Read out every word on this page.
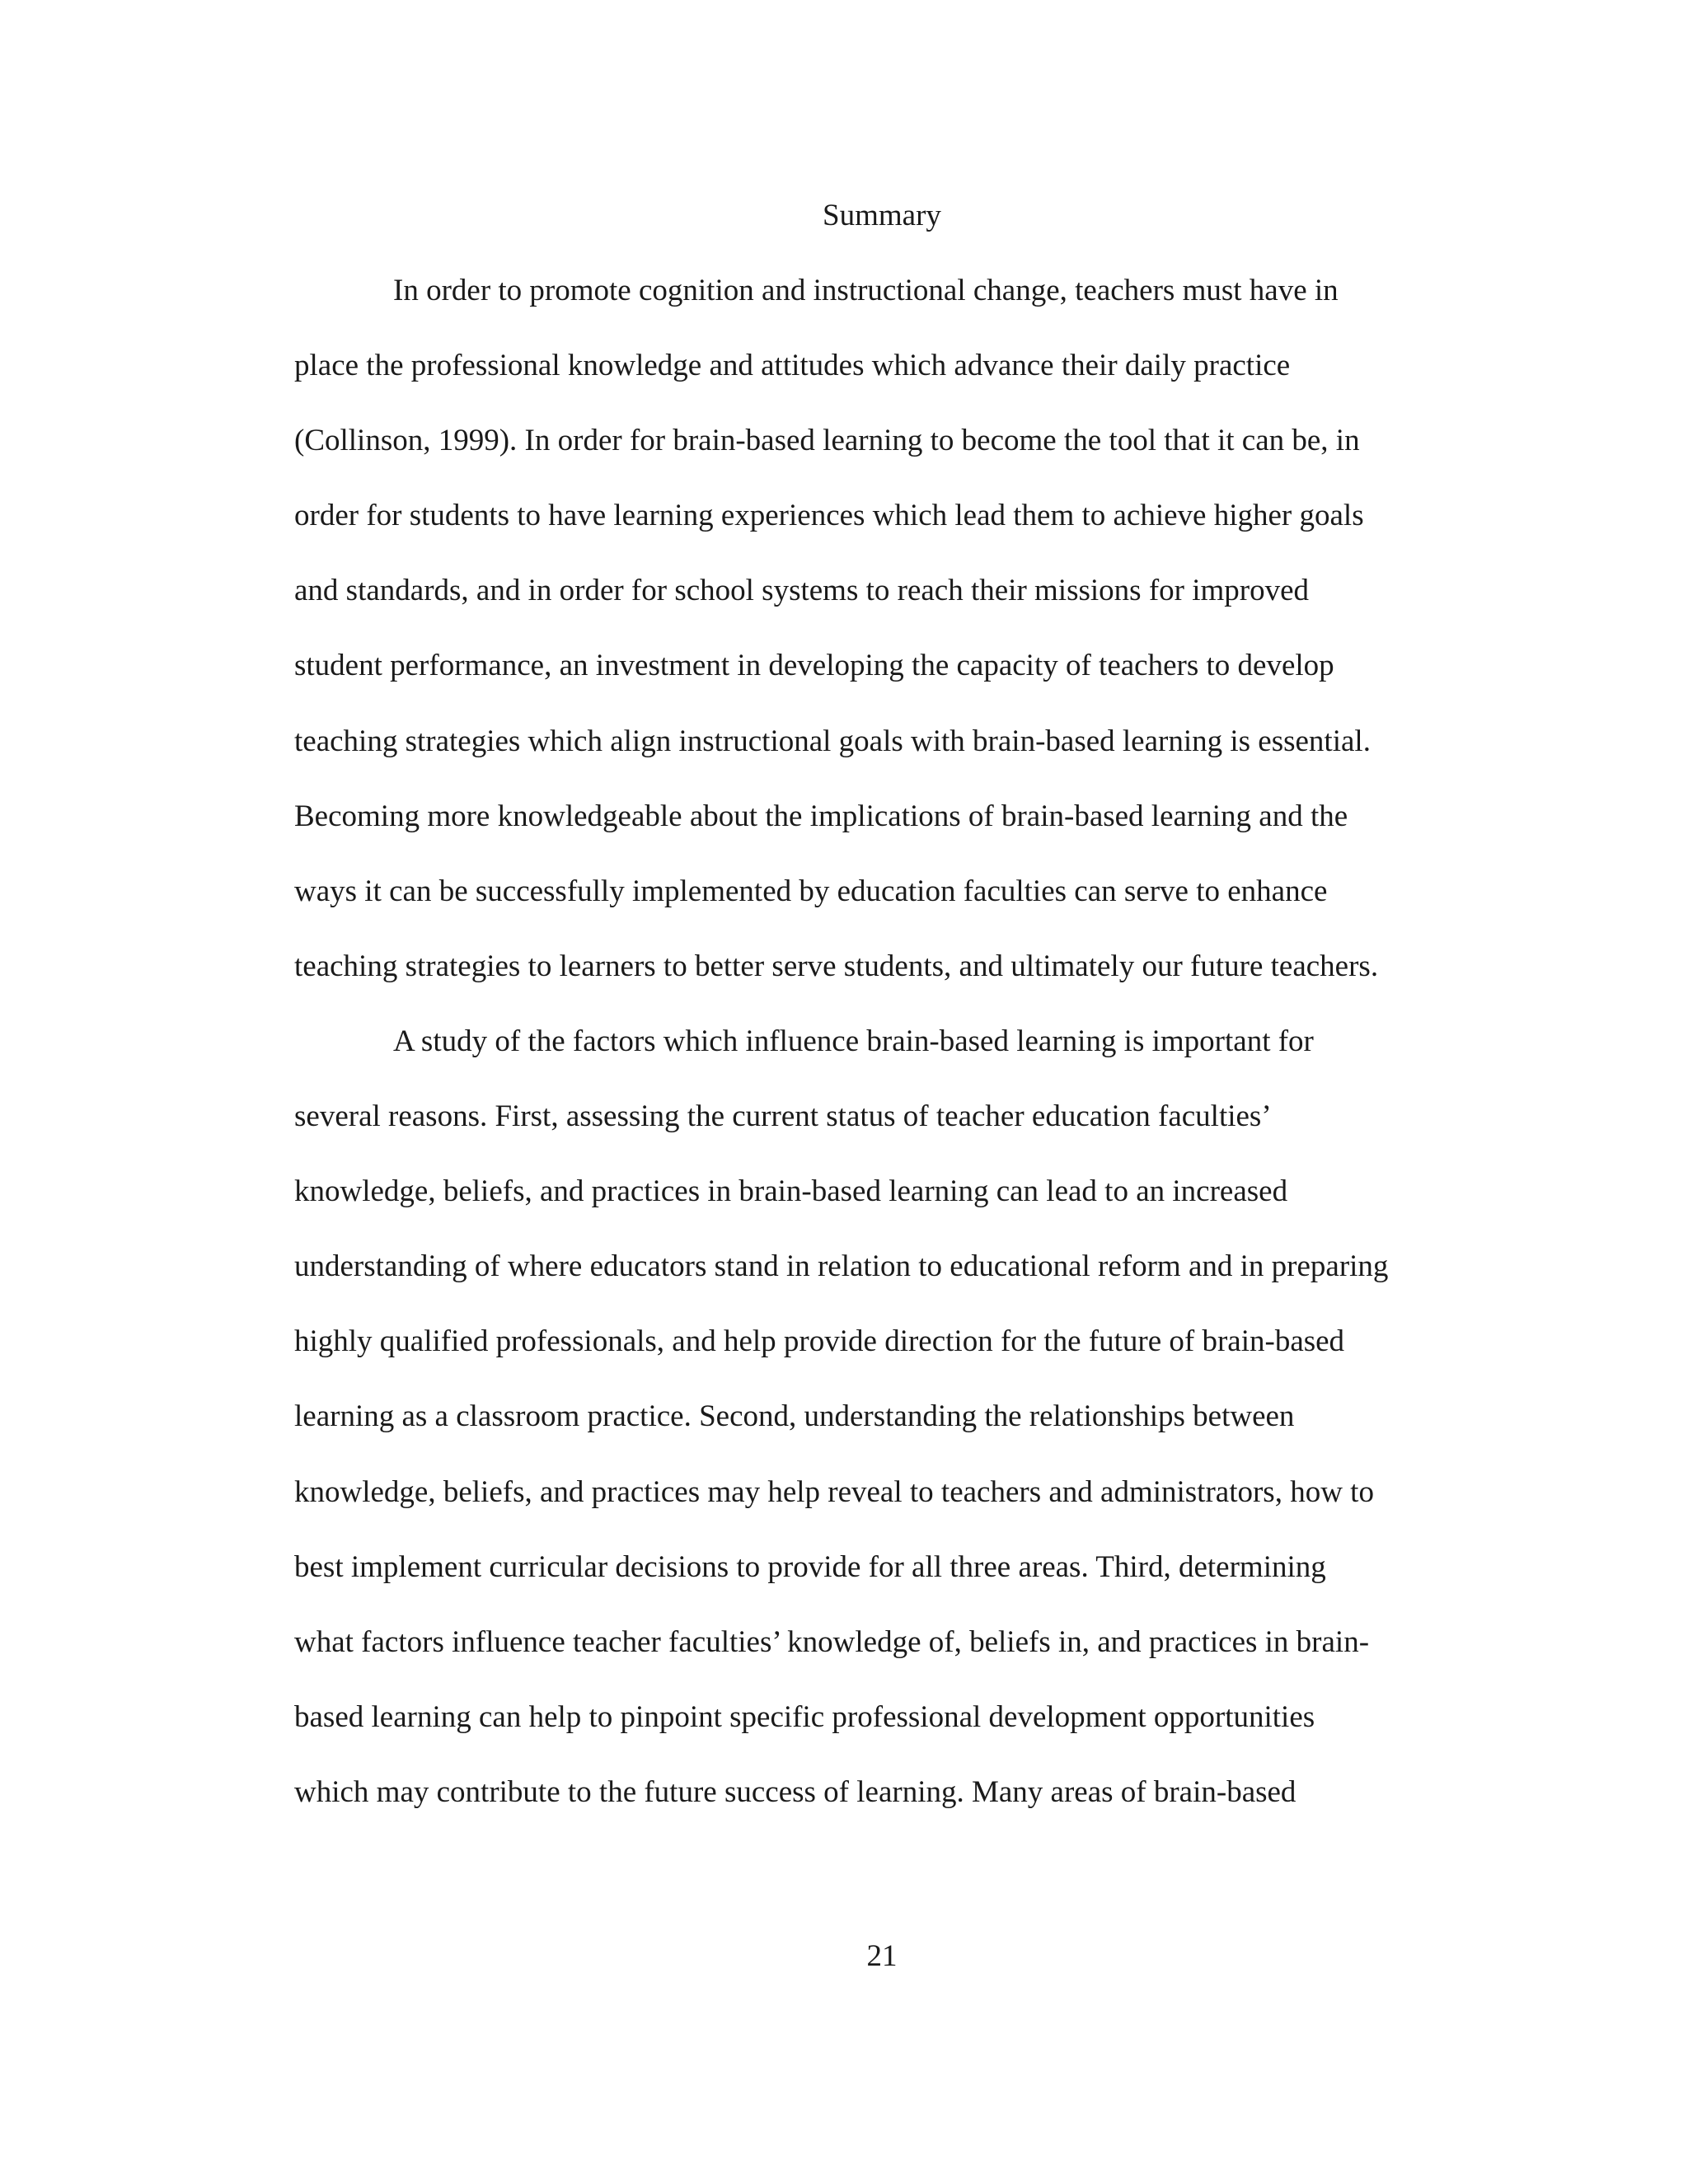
Summary
In order to promote cognition and instructional change, teachers must have in
place the professional knowledge and attitudes which advance their daily practice
(Collinson, 1999). In order for brain-based learning to become the tool that it can be, in
order for students to have learning experiences which lead them to achieve higher goals
and standards, and in order for school systems to reach their missions for improved
student performance, an investment in developing the capacity of teachers to develop
teaching strategies which align instructional goals with brain-based learning is essential.
Becoming more knowledgeable about the implications of brain-based learning and the
ways it can be successfully implemented by education faculties can serve to enhance
teaching strategies to learners to better serve students, and ultimately our future teachers.
A study of the factors which influence brain-based learning is important for
several reasons. First, assessing the current status of teacher education faculties’
knowledge, beliefs, and practices in brain-based learning can lead to an increased
understanding of where educators stand in relation to educational reform and in preparing
highly qualified professionals, and help provide direction for the future of brain-based
learning as a classroom practice. Second, understanding the relationships between
knowledge, beliefs, and practices may help reveal to teachers and administrators, how to
best implement curricular decisions to provide for all three areas. Third, determining
what factors influence teacher faculties’ knowledge of, beliefs in, and practices in brain-
based learning can help to pinpoint specific professional development opportunities
which may contribute to the future success of learning. Many areas of brain-based
21
